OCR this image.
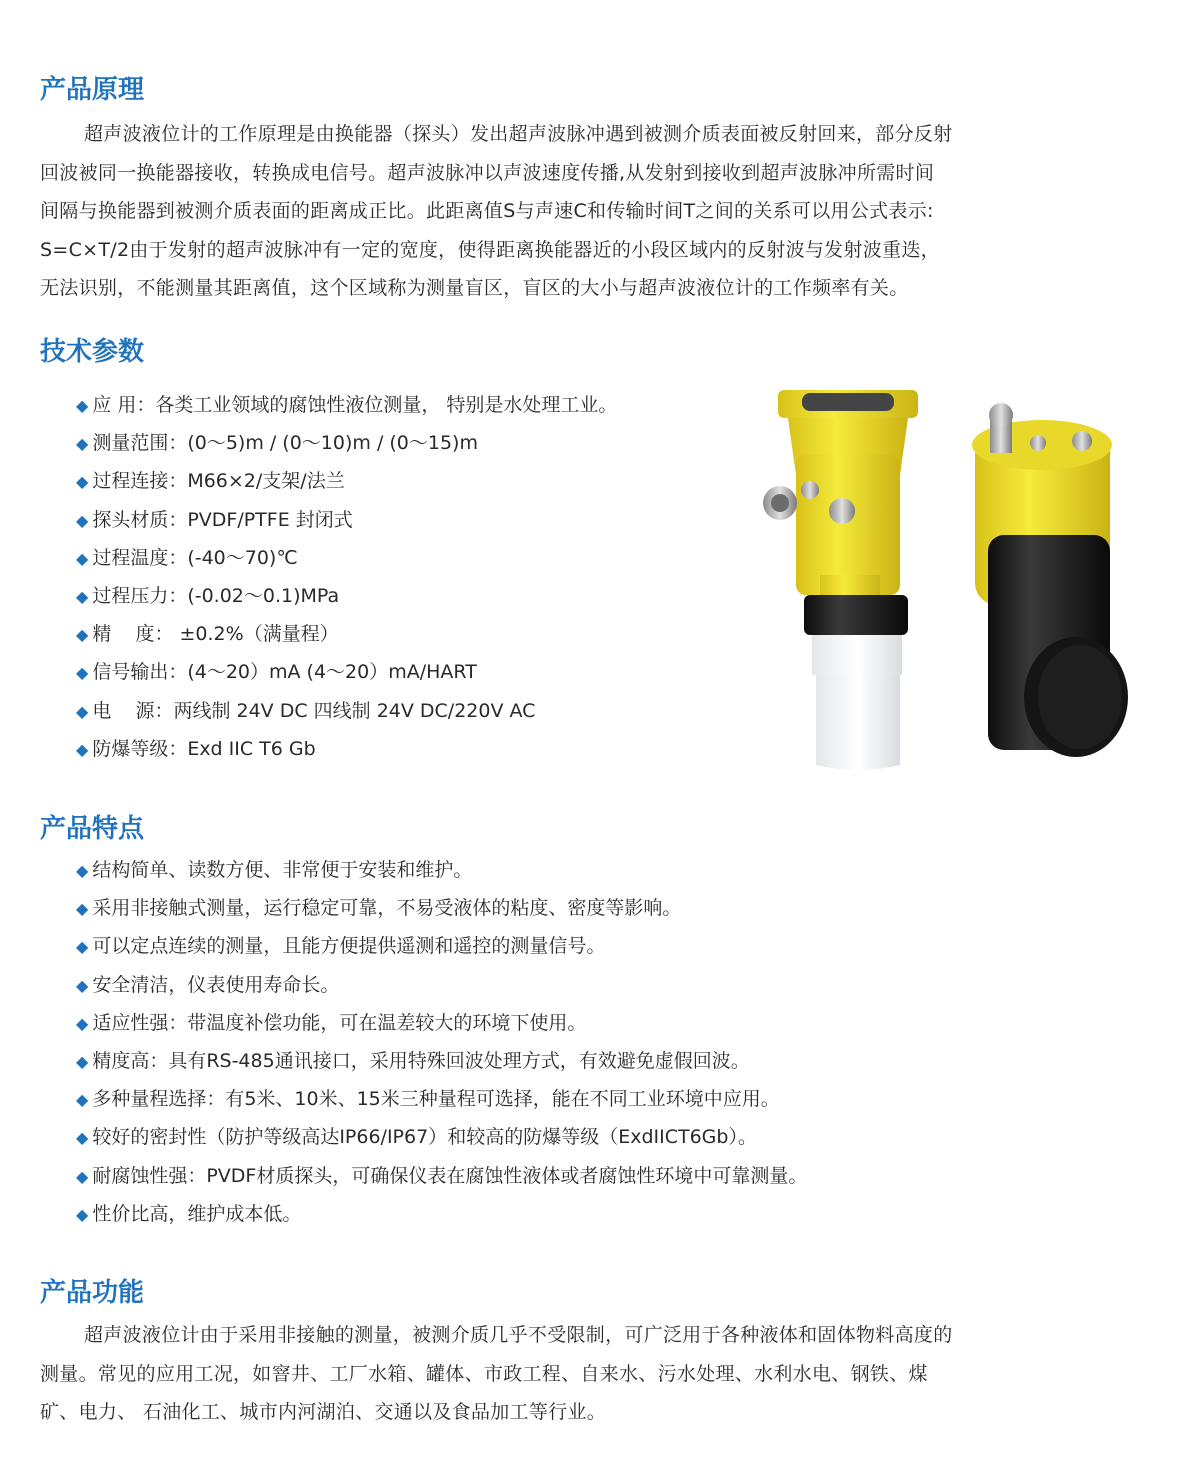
产品原理
超声波液位计的工作原理是由换能器（探头）发出超声波脉冲遇到被测介质表面被反射回来，部分反射
回波被同一换能器接收，转换成电信号。超声波脉冲以声波速度传播,从发射到接收到超声波脉冲所需时间
间隔与换能器到被测介质表面的距离成正比。此距离值S与声速C和传输时间T之间的关系可以用公式表示:
S=C×T/2由于发射的超声波脉冲有一定的宽度，使得距离换能器近的小段区域内的反射波与发射波重迭，
无法识别，不能测量其距离值，这个区域称为测量盲区，盲区的大小与超声波液位计的工作频率有关。
技术参数
◆ 应 用：各类工业领域的腐蚀性液位测量， 特别是水处理工业。
◆ 测量范围：(0～5)m / (0～10)m / (0～15)m
◆ 过程连接：M66×2/支架/法兰
◆ 探头材质：PVDF/PTFE 封闭式
◆ 过程温度：(-40～70)℃
◆ 过程压力：(-0.02～0.1)MPa
◆ 精    度： ±0.2%（满量程）
◆ 信号输出：(4～20）mA (4～20）mA/HART
◆ 电    源：两线制 24V DC 四线制 24V DC/220V AC
◆ 防爆等级：Exd IIC T6 Gb
产品特点
◆ 结构简单、读数方便、非常便于安装和维护。
◆ 采用非接触式测量，运行稳定可靠，不易受液体的粘度、密度等影响。
◆ 可以定点连续的测量，且能方便提供遥测和遥控的测量信号。
◆ 安全清洁，仪表使用寿命长。
◆ 适应性强：带温度补偿功能，可在温差较大的环境下使用。
◆ 精度高：具有RS-485通讯接口，采用特殊回波处理方式，有效避免虚假回波。
◆ 多种量程选择：有5米、10米、15米三种量程可选择，能在不同工业环境中应用。
◆ 较好的密封性（防护等级高达IP66/IP67）和较高的防爆等级（ExdIICT6Gb）。
◆ 耐腐蚀性强：PVDF材质探头，可确保仪表在腐蚀性液体或者腐蚀性环境中可靠测量。
◆ 性价比高，维护成本低。
产品功能
超声波液位计由于采用非接触的测量，被测介质几乎不受限制，可广泛用于各种液体和固体物料高度的
测量。常见的应用工况，如窨井、工厂水箱、罐体、市政工程、自来水、污水处理、水利水电、钢铁、煤
矿、电力、 石油化工、城市内河湖泊、交通以及食品加工等行业。
